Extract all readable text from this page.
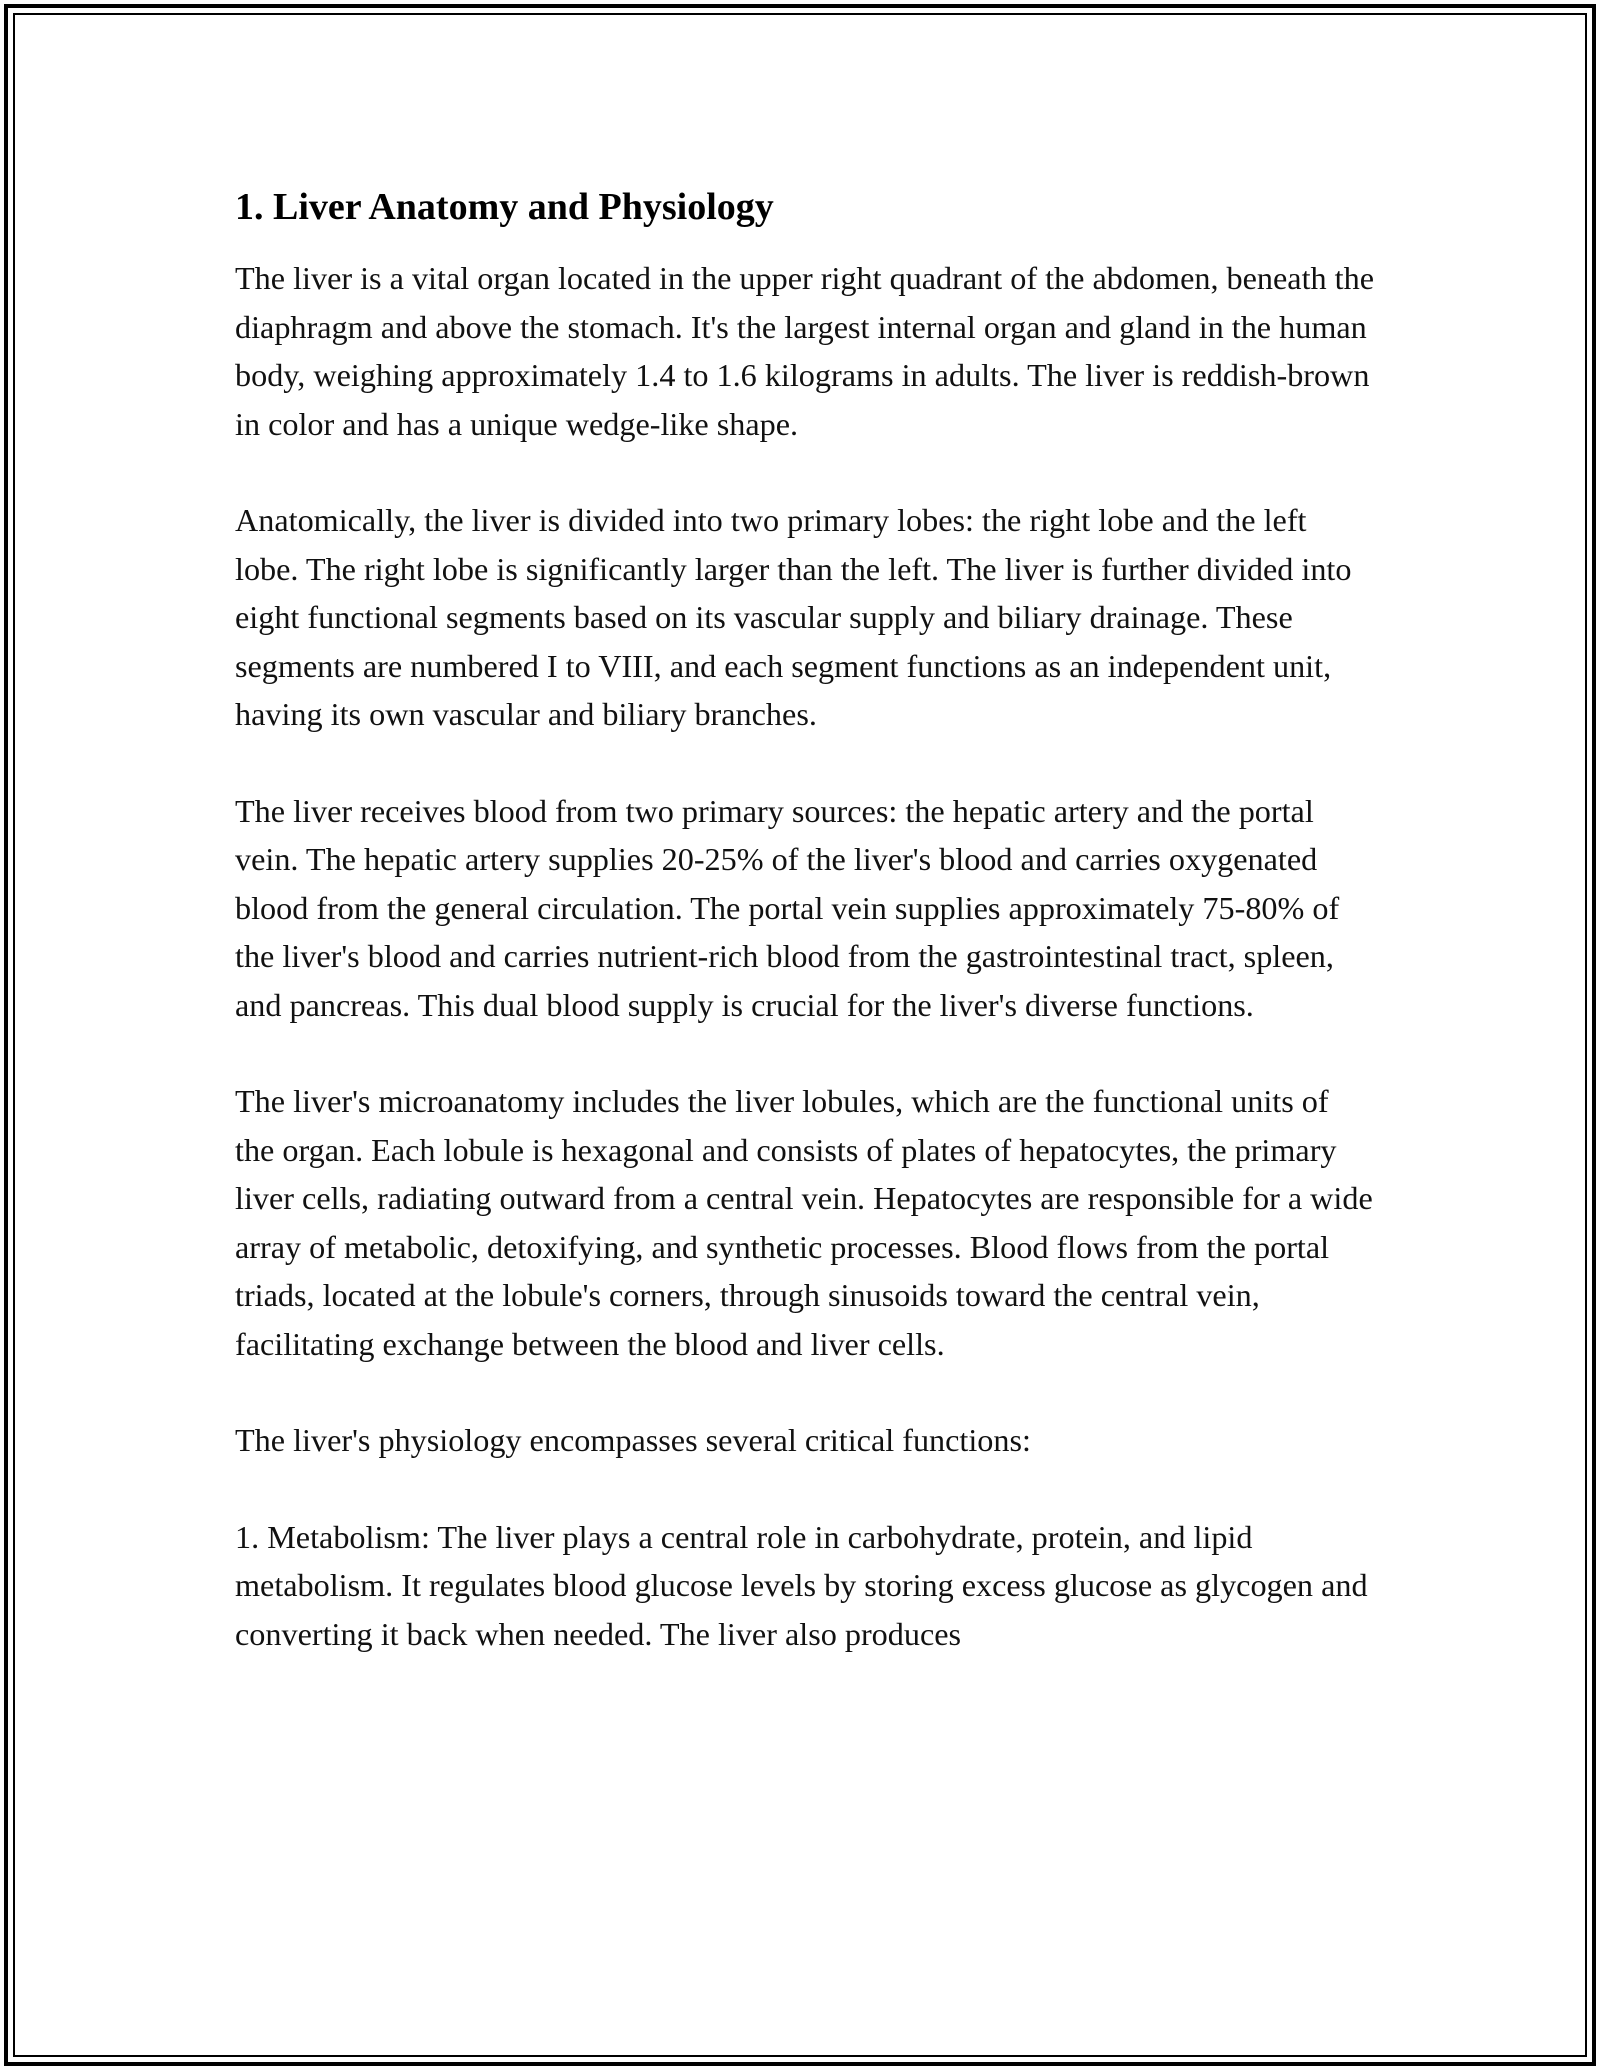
1. Liver Anatomy and Physiology

The liver is a vital organ located in the upper right quadrant of the abdomen, beneath the diaphragm and above the stomach. It's the largest internal organ and gland in the human body, weighing approximately 1.4 to 1.6 kilograms in adults. The liver is reddish-brown in color and has a unique wedge-like shape.

Anatomically, the liver is divided into two primary lobes: the right lobe and the left lobe. The right lobe is significantly larger than the left. The liver is further divided into eight functional segments based on its vascular supply and biliary drainage. These segments are numbered I to VIII, and each segment functions as an independent unit, having its own vascular and biliary branches.

The liver receives blood from two primary sources: the hepatic artery and the portal vein. The hepatic artery supplies 20-25% of the liver's blood and carries oxygenated blood from the general circulation. The portal vein supplies approximately 75-80% of the liver's blood and carries nutrient-rich blood from the gastrointestinal tract, spleen, and pancreas. This dual blood supply is crucial for the liver's diverse functions.

The liver's microanatomy includes the liver lobules, which are the functional units of the organ. Each lobule is hexagonal and consists of plates of hepatocytes, the primary liver cells, radiating outward from a central vein. Hepatocytes are responsible for a wide array of metabolic, detoxifying, and synthetic processes. Blood flows from the portal triads, located at the lobule's corners, through sinusoids toward the central vein, facilitating exchange between the blood and liver cells.

The liver's physiology encompasses several critical functions:

1. Metabolism: The liver plays a central role in carbohydrate, protein, and lipid metabolism. It regulates blood glucose levels by storing excess glucose as glycogen and converting it back when needed. The liver also produces
